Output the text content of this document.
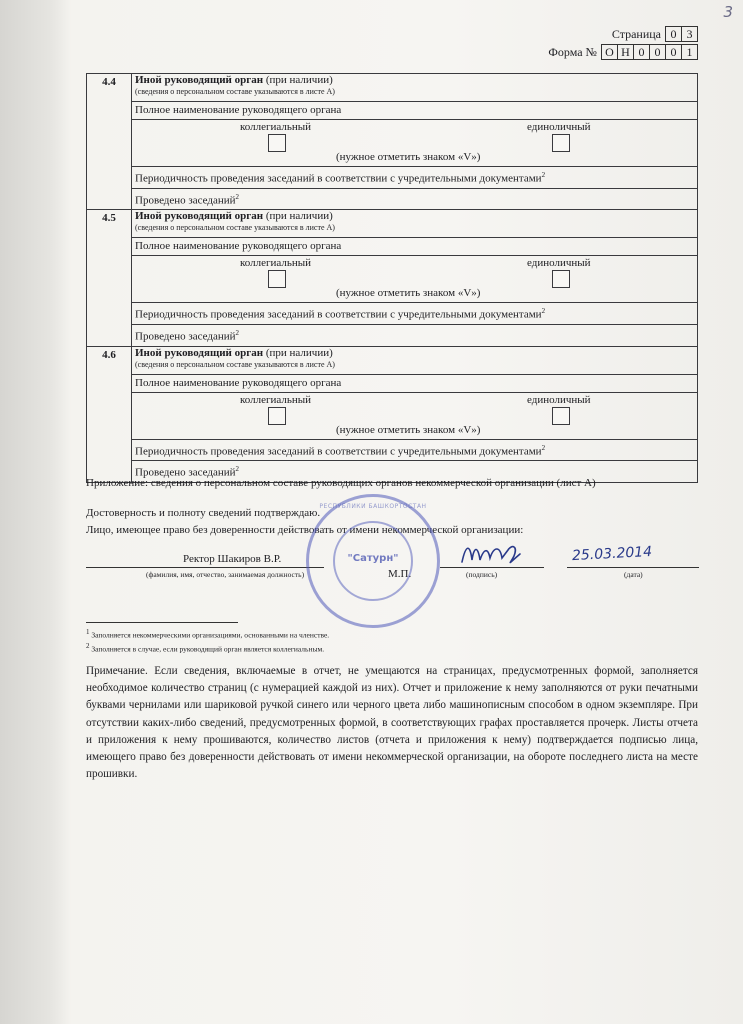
3
Страница 0 3
Форма № О Н 0 0 0 1
4.4	Иной руководящий орган (при наличии)
(сведения о персональном составе указываются в листе А)

	Полное наименование руководящего органа

	коллегиальный единоличный
(нужное отметить знаком «V»)

	Периодичность проведения заседаний в соответствии с учредительными документами$^2$
	Проведено заседаний$^2$
4.5	Иной руководящий орган (при наличии)
(сведения о персональном составе указываются в листе А)

	Полное наименование руководящего органа

	коллегиальный единоличный
(нужное отметить знаком «V»)

	Периодичность проведения заседаний в соответствии с учредительными документами$^2$
	Проведено заседаний$^2$
4.6	Иной руководящий орган (при наличии)
(сведения о персональном составе указываются в листе А)

	Полное наименование руководящего органа

	коллегиальный единоличный
(нужное отметить знаком «V»)

	Периодичность проведения заседаний в соответствии с учредительными документами$^2$
	Проведено заседаний$^2$
Приложение: сведения о персональном составе руководящих органов некоммерческой организации (лист А)
Достоверность и полноту сведений подтверждаю.
Лицо, имеющее право без доверенности действовать от имени некоммерческой организации:
Ректор Шакиров В.Р.
(фамилия, имя, отчество, занимаемая должность)	М.П.	(подпись)	(дата)
25.03.2014
РЕСПУБЛИКИ БАШКОРТОСТАН
"Сатурн"
$^1$ Заполняется некоммерческими организациями, основанными на членстве.
$^2$ Заполняется в случае, если руководящий орган является коллегиальным.
Примечание. Если сведения, включаемые в отчет, не умещаются на страницах, предусмотренных формой, заполняется необходимое количество страниц (с нумерацией каждой из них). Отчет и приложение к нему заполняются от руки печатными буквами чернилами или шариковой ручкой синего или черного цвета либо машинописным способом в одном экземпляре. При отсутствии каких-либо сведений, предусмотренных формой, в соответствующих графах проставляется прочерк. Листы отчета и приложения к нему прошиваются, количество листов (отчета и приложения к нему) подтверждается подписью лица, имеющего право без доверенности действовать от имени некоммерческой организации, на обороте последнего листа на месте прошивки.
